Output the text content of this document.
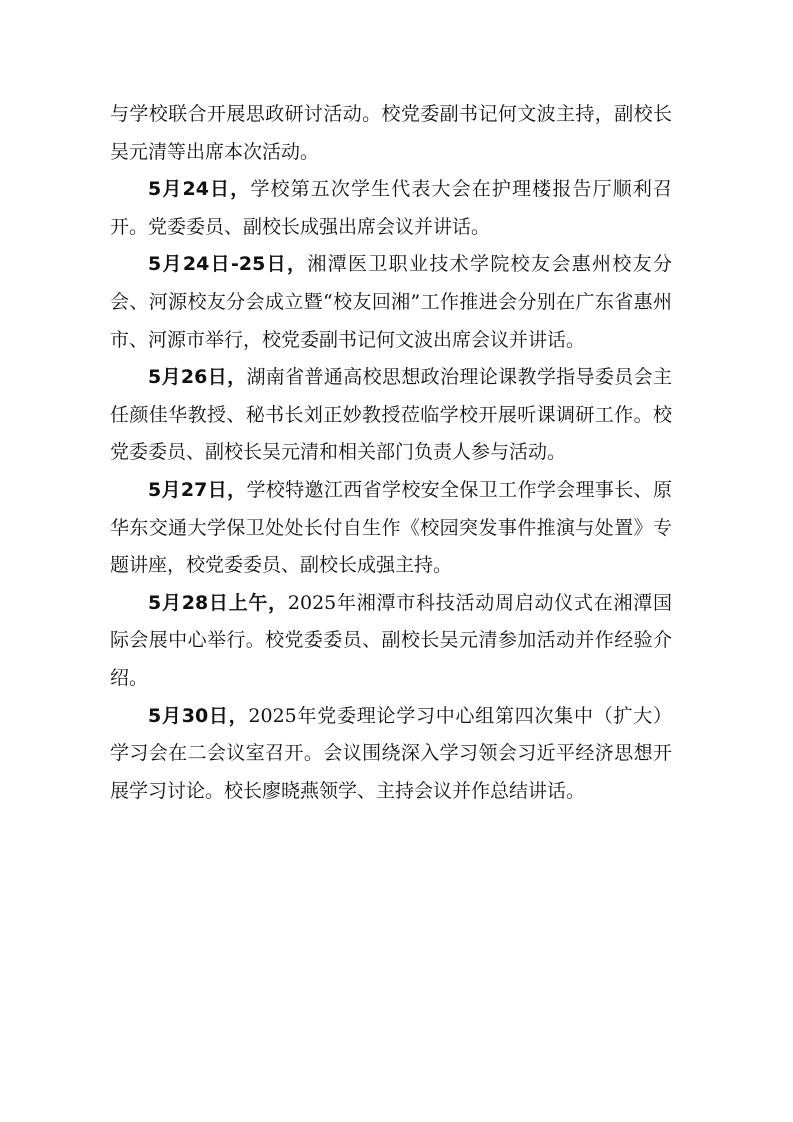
与学校联合开展思政研讨活动。校党委副书记何文波主持，副校长吴元清等出席本次活动。

5月24日，学校第五次学生代表大会在护理楼报告厅顺利召开。党委委员、副校长成强出席会议并讲话。

5月24日-25日，湘潭医卫职业技术学院校友会惠州校友分会、河源校友分会成立暨“校友回湘”工作推进会分别在广东省惠州市、河源市举行，校党委副书记何文波出席会议并讲话。

5月26日，湖南省普通高校思想政治理论课教学指导委员会主任颜佳华教授、秘书长刘正妙教授莅临学校开展听课调研工作。校党委委员、副校长吴元清和相关部门负责人参与活动。

5月27日，学校特邀江西省学校安全保卫工作学会理事长、原华东交通大学保卫处处长付自生作《校园突发事件推演与处置》专题讲座，校党委委员、副校长成强主持。

5月28日上午，2025年湘潭市科技活动周启动仪式在湘潭国际会展中心举行。校党委委员、副校长吴元清参加活动并作经验介绍。

5月30日，2025年党委理论学习中心组第四次集中（扩大）学习会在二会议室召开。会议围绕深入学习领会习近平经济思想开展学习讨论。校长廖晓燕领学、主持会议并作总结讲话。
